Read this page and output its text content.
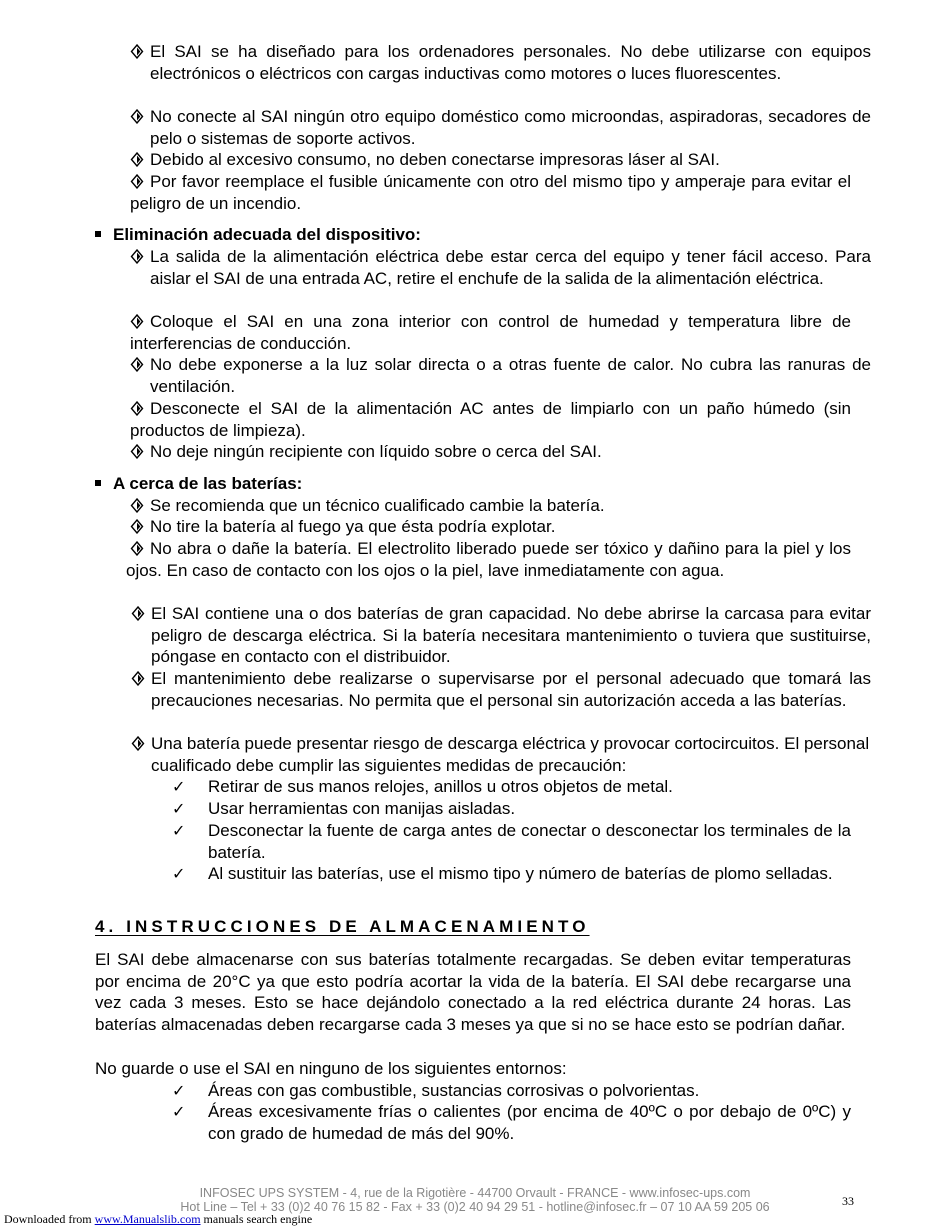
El SAI se ha diseñado para los ordenadores personales. No debe utilizarse con equipos electrónicos o eléctricos con cargas inductivas como motores o luces fluorescentes.
No conecte al SAI ningún otro equipo doméstico como microondas, aspiradoras, secadores de pelo o sistemas de soporte activos.
Debido al excesivo consumo, no deben conectarse impresoras láser al SAI.
Por favor reemplace el fusible únicamente con otro del mismo tipo y amperaje para evitar el peligro de un incendio.
Eliminación adecuada del dispositivo:
La salida de la alimentación eléctrica debe estar cerca del equipo y tener fácil acceso. Para aislar el SAI de una entrada AC, retire el enchufe de la salida de la alimentación eléctrica.
Coloque el SAI en una zona interior con control de humedad y temperatura libre de interferencias de conducción.
No debe exponerse a la luz solar directa o a otras fuente de calor. No cubra las ranuras de ventilación.
Desconecte el SAI de la alimentación AC antes de limpiarlo con un paño húmedo (sin productos de limpieza).
No deje ningún recipiente con líquido sobre o cerca del SAI.
A cerca de las baterías:
Se recomienda que un técnico cualificado cambie la batería.
No tire la batería al fuego ya que ésta podría explotar.
No abra o dañe la batería. El electrolito liberado puede ser tóxico y dañino para la piel y los ojos. En caso de contacto con los ojos o la piel, lave inmediatamente con agua.
El SAI contiene una o dos baterías de gran capacidad. No debe abrirse la carcasa para evitar peligro de descarga eléctrica. Si la batería necesitara mantenimiento o tuviera que sustituirse, póngase en contacto con el distribuidor.
El mantenimiento debe realizarse o supervisarse por el personal adecuado que tomará las precauciones necesarias. No permita que el personal sin autorización acceda a las baterías.
Una batería puede presentar riesgo de descarga eléctrica y provocar cortocircuitos. El personal cualificado debe cumplir las siguientes medidas de precaución:
✓ Retirar de sus manos relojes, anillos u otros objetos de metal.
✓ Usar herramientas con manijas aisladas.
✓ Desconectar la fuente de carga antes de conectar o desconectar los terminales de la batería.
✓ Al sustituir las baterías, use el mismo tipo y número de baterías de plomo selladas.
4. INSTRUCCIONES DE ALMACENAMIENTO
El SAI debe almacenarse con sus baterías totalmente recargadas. Se deben evitar temperaturas por encima de 20°C ya que esto podría acortar la vida de la batería. El SAI debe recargarse una vez cada 3 meses. Esto se hace dejándolo conectado a la red eléctrica durante 24 horas. Las baterías almacenadas deben recargarse cada 3 meses ya que si no se hace esto se podrían dañar.
No guarde o use el SAI en ninguno de los siguientes entornos:
✓ Áreas con gas combustible, sustancias corrosivas o polvorientas.
✓ Áreas excesivamente frías o calientes (por encima de 40ºC o por debajo de 0ºC) y con grado de humedad de más del 90%.
INFOSEC UPS SYSTEM - 4, rue de la Rigotière - 44700 Orvault - FRANCE - www.infosec-ups.com
Hot Line – Tel + 33 (0)2 40 76 15 82 - Fax + 33 (0)2 40 94 29 51 - hotline@infosec.fr – 07 10 AA 59 205 06	33
Downloaded from www.Manualslib.com manuals search engine
